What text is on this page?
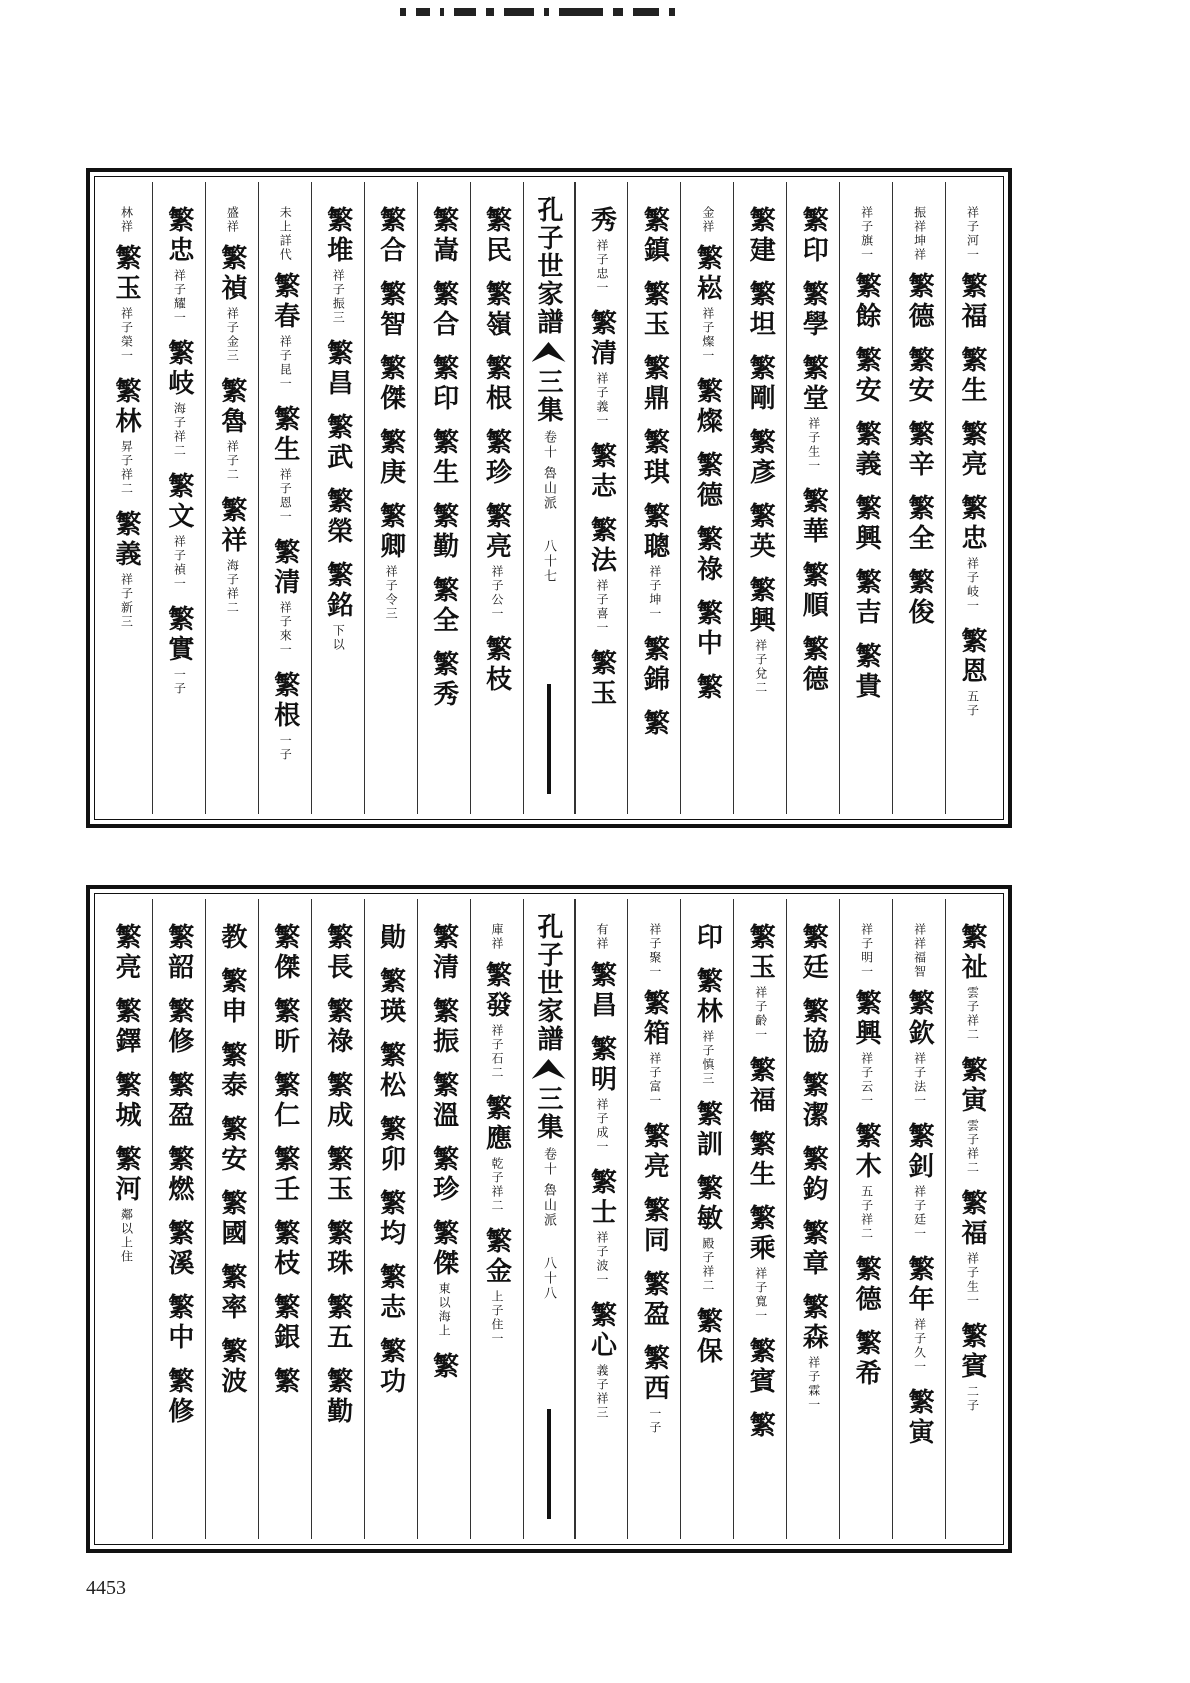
祥子河一
繁福
繁生
繁亮
繁忠
祥子岐一
繁恩
五子
振祥坤祥
繁德
繁安
繁辛
繁全
繁俊
祥子旗一
繁餘
繁安
繁義
繁興
繁吉
繁貴
繁印
繁學
繁堂
祥子生一
繁華
繁順
繁德
繁建
繁坦
繁剛
繁彥
繁英
繁興
祥子兌二
金祥
繁崧
祥子燦一
繁燦
繁德
繁祿
繁中
繁
繁鎮
繁玉
繁鼎
繁琪
繁聰
祥子坤一
繁錦
繁
秀
祥子忠一
繁清
祥子義一
繁志
繁法
祥子喜一
繁玉
孔子世家譜
三集
卷十
魯山派
八十七
繁民
繁嶺
繁根
繁珍
繁亮
祥子公一
繁枝
繁嵩
繁合
繁印
繁生
繁勤
繁全
繁秀
繁合
繁智
繁傑
繁庚
繁卿
祥子令三
繁堆
祥子振三
繁昌
繁武
繁榮
繁銘
下以
未上詳代
繁春
祥子昆一
繁生
祥子恩一
繁清
祥子來一
繁根
一子
盛祥
繁禎
祥子金三
繁魯
祥子二
繁祥
海子祥二
繁忠
祥子耀一
繁岐
海子祥二
繁文
祥子禎一
繁實
一子
林祥
繁玉
祥子榮一
繁林
昇子祥二
繁義
祥子新三
繁祉
雲子祥二
繁寅
雲子祥二
繁福
祥子生一
繁賓
二子
祥祥福智
繁欽
祥子法一
繁釗
祥子廷一
繁年
祥子久一
繁寅
祥子明一
繁興
祥子云一
繁木
五子祥二
繁德
繁希
繁廷
繁協
繁潔
繁鈞
繁章
繁森
祥子霖一
繁玉
祥子齡一
繁福
繁生
繁乘
祥子寬一
繁賓
繁
印
繁林
祥子慎三
繁訓
繁敏
殿子祥二
繁保
祥子聚一
繁箱
祥子富一
繁亮
繁同
繁盈
繁西
一子
有祥
繁昌
繁明
祥子成一
繁士
祥子波一
繁心
義子祥三
孔子世家譜
三集
卷十
魯山派
八十八
庫祥
繁發
祥子石二
繁應
乾子祥二
繁金
上子住一
繁清
繁振
繁溫
繁珍
繁傑
東以海上
繁
勛
繁瑛
繁松
繁卯
繁均
繁志
繁功
繁長
繁祿
繁成
繁玉
繁珠
繁五
繁勤
繁傑
繁昕
繁仁
繁壬
繁枝
繁銀
繁
教
繁申
繁泰
繁安
繁國
繁率
繁波
繁韶
繁修
繁盈
繁燃
繁溪
繁中
繁修
繁亮
繁鐸
繁城
繁河
鄰以上住
4453
